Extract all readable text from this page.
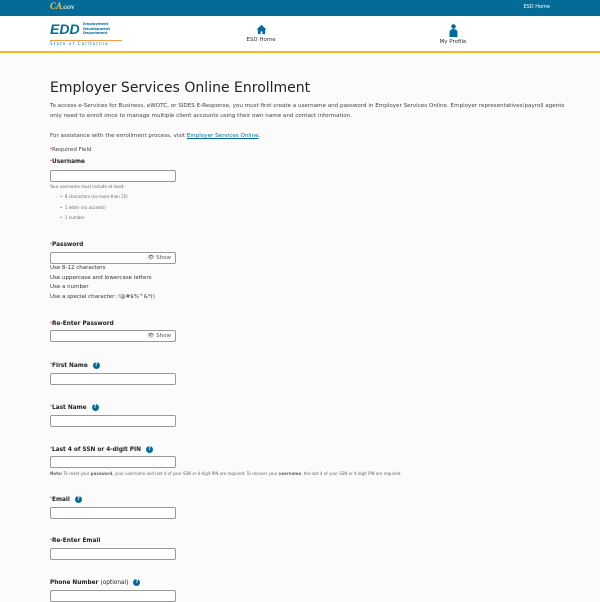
CA.GOV	ESD Home
EDD Employment
Development
Department
State of California
ESD Home	My Profile
Employer Services Online Enrollment

To access e-Services for Business, eWOTC, or SIDES E-Response, you must first create a username and password in Employer Services Online. Employer representatives/payroll agents only need to enroll once to manage multiple client accounts using their own name and contact information.

For assistance with the enrollment process, visit Employer Services Online.

*Required Field

*Username
Your username must include at least:
•  8 characters (no more than 15)
•  1 letter (no accents)
•  1 number
*Password
👁 Show
Use 8-12 characters
Use uppercase and lowercase letters
Use a number
Use a special character: !@#$%^&*()
*Re-Enter Password
👁 Show
*First Name ?
*Last Name ?
*Last 4 of SSN or 4-digit PIN ?
Note: To reset your password, your username and last 4 of your SSN or 4-digit PIN are required. To recover your username, the last 4 of your SSN or 4-digit PIN are required.
*Email ?
*Re-Enter Email
Phone Number (optional) ?
